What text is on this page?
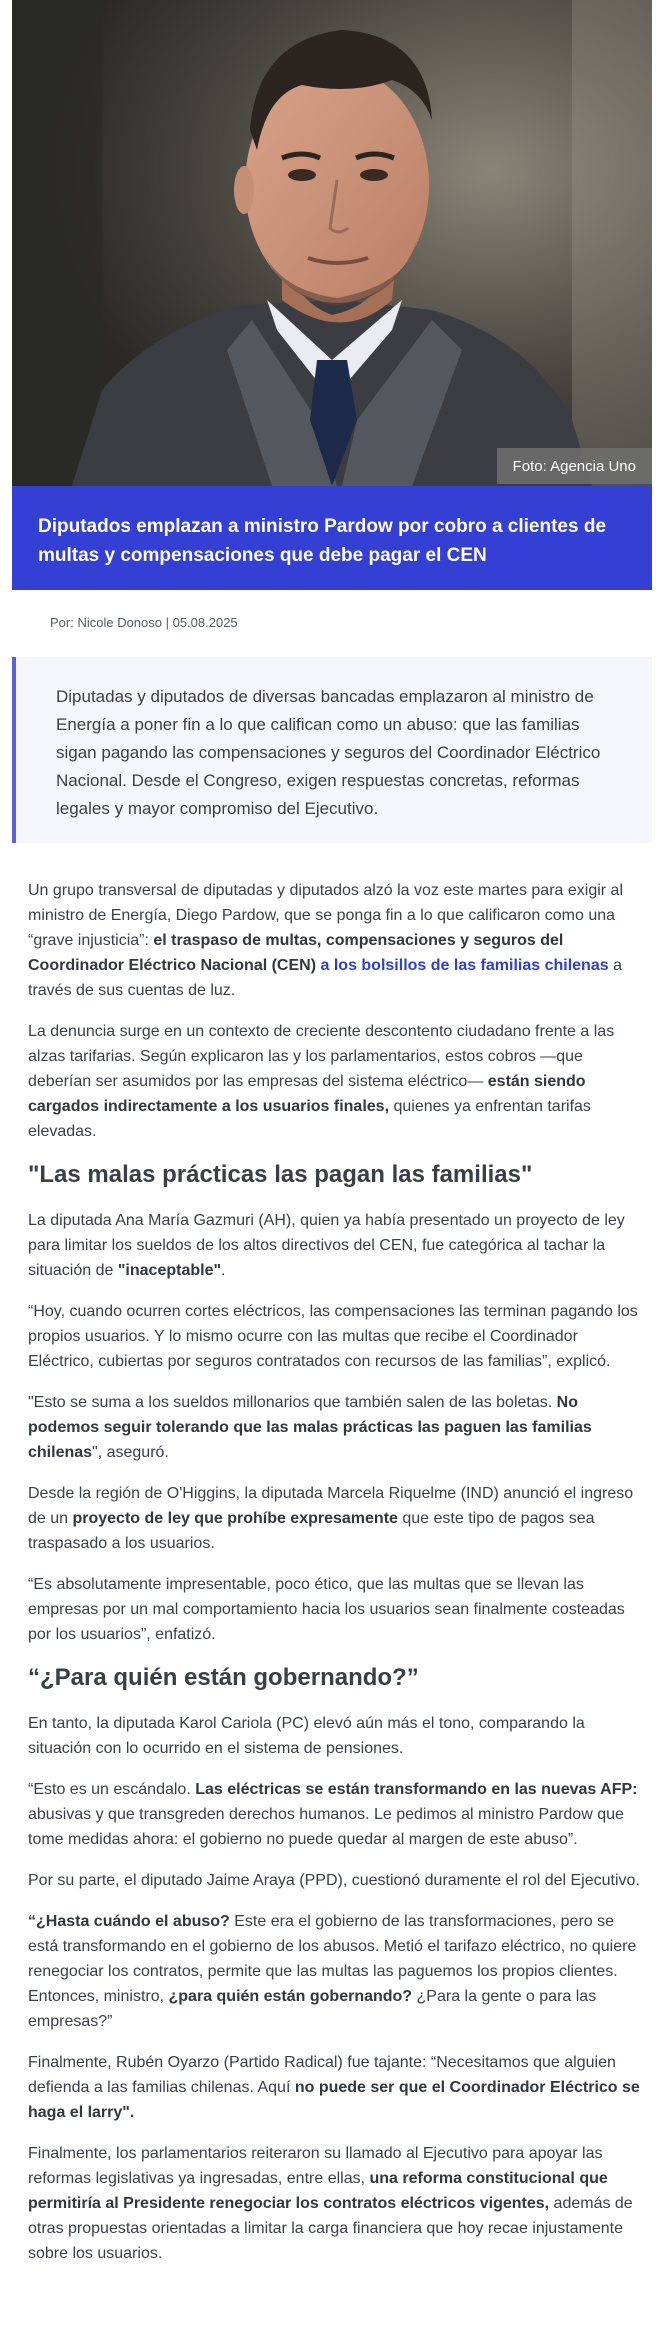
Foto: Agencia Uno
Diputados emplazan a ministro Pardow por cobro a clientes de multas y compensaciones que debe pagar el CEN
Por: Nicole Donoso | 05.08.2025
Diputadas y diputados de diversas bancadas emplazaron al ministro de Energía a poner fin a lo que califican como un abuso: que las familias sigan pagando las compensaciones y seguros del Coordinador Eléctrico Nacional. Desde el Congreso, exigen respuestas concretas, reformas legales y mayor compromiso del Ejecutivo.

Un grupo transversal de diputadas y diputados alzó la voz este martes para exigir al ministro de Energía, Diego Pardow, que se ponga fin a lo que calificaron como una “grave injusticia”: el traspaso de multas, compensaciones y seguros del Coordinador Eléctrico Nacional (CEN) a los bolsillos de las familias chilenas a través de sus cuentas de luz.

La denuncia surge en un contexto de creciente descontento ciudadano frente a las alzas tarifarias. Según explicaron las y los parlamentarios, estos cobros —que deberían ser asumidos por las empresas del sistema eléctrico— están siendo cargados indirectamente a los usuarios finales, quienes ya enfrentan tarifas elevadas.

"Las malas prácticas las pagan las familias"

La diputada Ana María Gazmuri (AH), quien ya había presentado un proyecto de ley para limitar los sueldos de los altos directivos del CEN, fue categórica al tachar la situación de "inaceptable".

“Hoy, cuando ocurren cortes eléctricos, las compensaciones las terminan pagando los propios usuarios. Y lo mismo ocurre con las multas que recibe el Coordinador Eléctrico, cubiertas por seguros contratados con recursos de las familias”, explicó.

"Esto se suma a los sueldos millonarios que también salen de las boletas. No podemos seguir tolerando que las malas prácticas las paguen las familias chilenas", aseguró.

Desde la región de O'Higgins, la diputada Marcela Riquelme (IND) anunció el ingreso de un proyecto de ley que prohíbe expresamente que este tipo de pagos sea traspasado a los usuarios.

“Es absolutamente impresentable, poco ético, que las multas que se llevan las empresas por un mal comportamiento hacia los usuarios sean finalmente costeadas por los usuarios”, enfatizó.

“¿Para quién están gobernando?”

En tanto, la diputada Karol Cariola (PC) elevó aún más el tono, comparando la situación con lo ocurrido en el sistema de pensiones.

“Esto es un escándalo. Las eléctricas se están transformando en las nuevas AFP: abusivas y que transgreden derechos humanos. Le pedimos al ministro Pardow que tome medidas ahora: el gobierno no puede quedar al margen de este abuso”.

Por su parte, el diputado Jaime Araya (PPD), cuestionó duramente el rol del Ejecutivo.

“¿Hasta cuándo el abuso? Este era el gobierno de las transformaciones, pero se está transformando en el gobierno de los abusos. Metió el tarifazo eléctrico, no quiere renegociar los contratos, permite que las multas las paguemos los propios clientes. Entonces, ministro, ¿para quién están gobernando? ¿Para la gente o para las empresas?”

Finalmente, Rubén Oyarzo (Partido Radical) fue tajante: “Necesitamos que alguien defienda a las familias chilenas. Aquí no puede ser que el Coordinador Eléctrico se haga el larry".

Finalmente, los parlamentarios reiteraron su llamado al Ejecutivo para apoyar las reformas legislativas ya ingresadas, entre ellas, una reforma constitucional que permitiría al Presidente renegociar los contratos eléctricos vigentes, además de otras propuestas orientadas a limitar la carga financiera que hoy recae injustamente sobre los usuarios.
